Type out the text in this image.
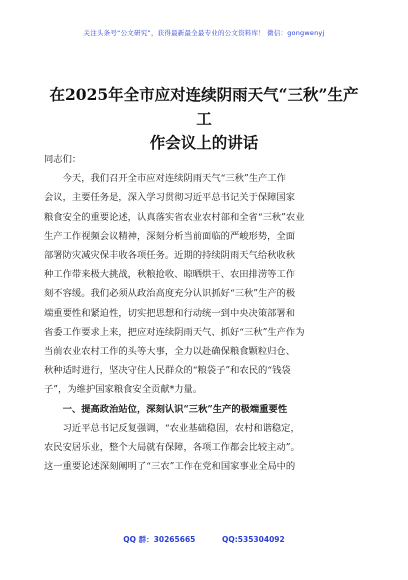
关注头条号“公文研究”，获得最新最全最专业的公文资料库！ 微信：gongwenyj
在2025年全市应对连续阴雨天气“三秋”生产工
作会议上的讲话

同志们：

今天，我们召开全市应对连续阴雨天气“三秋”生产工作
会议，主要任务是，深入学习贯彻习近平总书记关于保障国家
粮食安全的重要论述，认真落实省农业农村部和全省“三秋”农业
生产工作视频会议精神，深刻分析当前面临的严峻形势，全面
部署防灾减灾保丰收各项任务。近期的持续阴雨天气给秋收秋
种工作带来极大挑战，秋粮抢收、晾晒烘干、农田排涝等工作
刻不容缓。我们必须从政治高度充分认识抓好“三秋”生产的极
端重要性和紧迫性，切实把思想和行动统一到中央决策部署和
省委工作要求上来，把应对连续阴雨天气、抓好“三秋”生产作为
当前农业农村工作的头等大事，全力以赴确保粮食颗粒归仓、
秋种适时进行，坚决守住人民群众的“粮袋子”和农民的“钱袋
子”，为维护国家粮食安全贡献*力量。

一、提高政治站位，深刻认识“三秋”生产的极端重要性

习近平总书记反复强调，“农业基础稳固，农村和谐稳定，
农民安居乐业，整个大局就有保障，各项工作都会比较主动”。
这一重要论述深刻阐明了“三农”工作在党和国家事业全局中的
QQ 群：30265665	QQ:535304092
